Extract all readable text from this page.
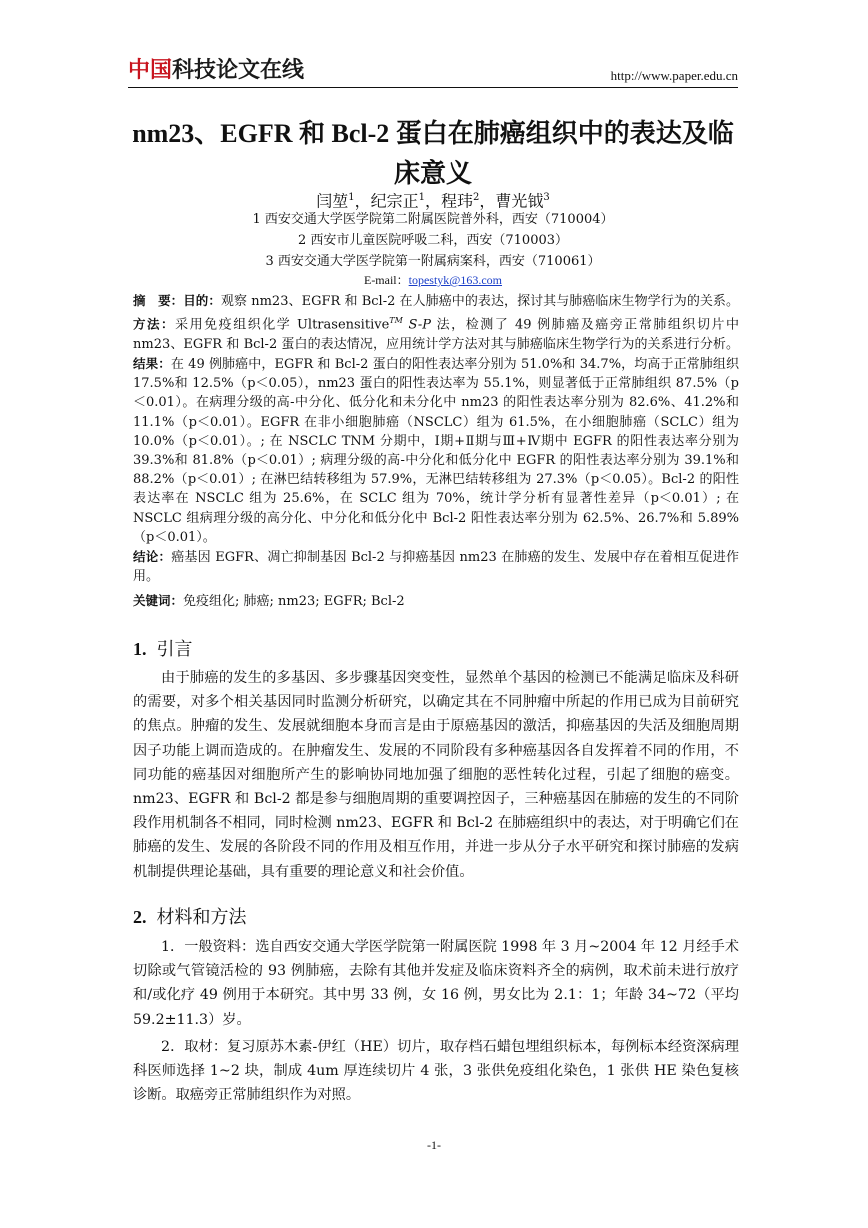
中国科技论文在线	http://www.paper.edu.cn
nm23、EGFR 和 Bcl-2 蛋白在肺癌组织中的表达及临
床意义
闫堃$^1$，纪宗正$^1$，程玮$^2$，曹光钺$^3$
1 西安交通大学医学院第二附属医院普外科，西安（710004）
2 西安市儿童医院呼吸二科，西安（710003）
3 西安交通大学医学院第一附属病案科，西安（710061）
E-mail：topestyk@163.com
摘　要：目的：观察 nm23、EGFR 和 Bcl-2 在人肺癌中的表达，探讨其与肺癌临床生物学行为的关系。方法：采用免疫组织化学 Ultrasensitive™ S-P 法，检测了 49 例肺癌及癌旁正常肺组织切片中 nm23、EGFR 和 Bcl-2 蛋白的表达情况，应用统计学方法对其与肺癌临床生物学行为的关系进行分析。结果：在 49 例肺癌中，EGFR 和 Bcl-2 蛋白的阳性表达率分别为 51.0%和 34.7%，均高于正常肺组织 17.5%和 12.5%（p＜0.05），nm23 蛋白的阳性表达率为 55.1%，则显著低于正常肺组织 87.5%（p＜0.01）。在病理分级的高-中分化、低分化和未分化中 nm23 的阳性表达率分别为 82.6%、41.2%和 11.1%（p＜0.01）。EGFR 在非小细胞肺癌（NSCLC）组为 61.5%，在小细胞肺癌（SCLC）组为 10.0%（p＜0.01）。; 在 NSCLC TNM 分期中，Ⅰ期+Ⅱ期与Ⅲ+Ⅳ期中 EGFR 的阳性表达率分别为 39.3%和 81.8%（p＜0.01）; 病理分级的高-中分化和低分化中 EGFR 的阳性表达率分别为 39.1%和 88.2%（p＜0.01）; 在淋巴结转移组为 57.9%，无淋巴结转移组为 27.3%（p＜0.05）。Bcl-2 的阳性表达率在 NSCLC 组为 25.6%，在 SCLC 组为 70%，统计学分析有显著性差异（p＜0.01）; 在 NSCLC 组病理分级的高分化、中分化和低分化中 Bcl-2 阳性表达率分别为 62.5%、26.7%和 5.89%（p＜0.01）。
结论：癌基因 EGFR、凋亡抑制基因 Bcl-2 与抑癌基因 nm23 在肺癌的发生、发展中存在着相互促进作用。
关键词：免疫组化; 肺癌; nm23; EGFR; Bcl-2
1. 引言
由于肺癌的发生的多基因、多步骤基因突变性，显然单个基因的检测已不能满足临床及科研的需要，对多个相关基因同时监测分析研究，以确定其在不同肿瘤中所起的作用已成为目前研究的焦点。肿瘤的发生、发展就细胞本身而言是由于原癌基因的激活，抑癌基因的失活及细胞周期因子功能上调而造成的。在肿瘤发生、发展的不同阶段有多种癌基因各自发挥着不同的作用，不同功能的癌基因对细胞所产生的影响协同地加强了细胞的恶性转化过程，引起了细胞的癌变。nm23、EGFR 和 Bcl-2 都是参与细胞周期的重要调控因子，三种癌基因在肺癌的发生的不同阶段作用机制各不相同，同时检测 nm23、EGFR 和 Bcl-2 在肺癌组织中的表达，对于明确它们在肺癌的发生、发展的各阶段不同的作用及相互作用，并进一步从分子水平研究和探讨肺癌的发病机制提供理论基础，具有重要的理论意义和社会价值。
2. 材料和方法
1．一般资料：选自西安交通大学医学院第一附属医院 1998 年 3 月~2004 年 12 月经手术切除或气管镜活检的 93 例肺癌，去除有其他并发症及临床资料齐全的病例，取术前未进行放疗和/或化疗 49 例用于本研究。其中男 33 例，女 16 例，男女比为 2.1：1；年龄 34~72（平均 59.2±11.3）岁。
2．取材：复习原苏木素-伊红（HE）切片，取存档石蜡包埋组织标本，每例标本经资深病理科医师选择 1~2 块，制成 4um 厚连续切片 4 张，3 张供免疫组化染色，1 张供 HE 染色复核诊断。取癌旁正常肺组织作为对照。
-1-
